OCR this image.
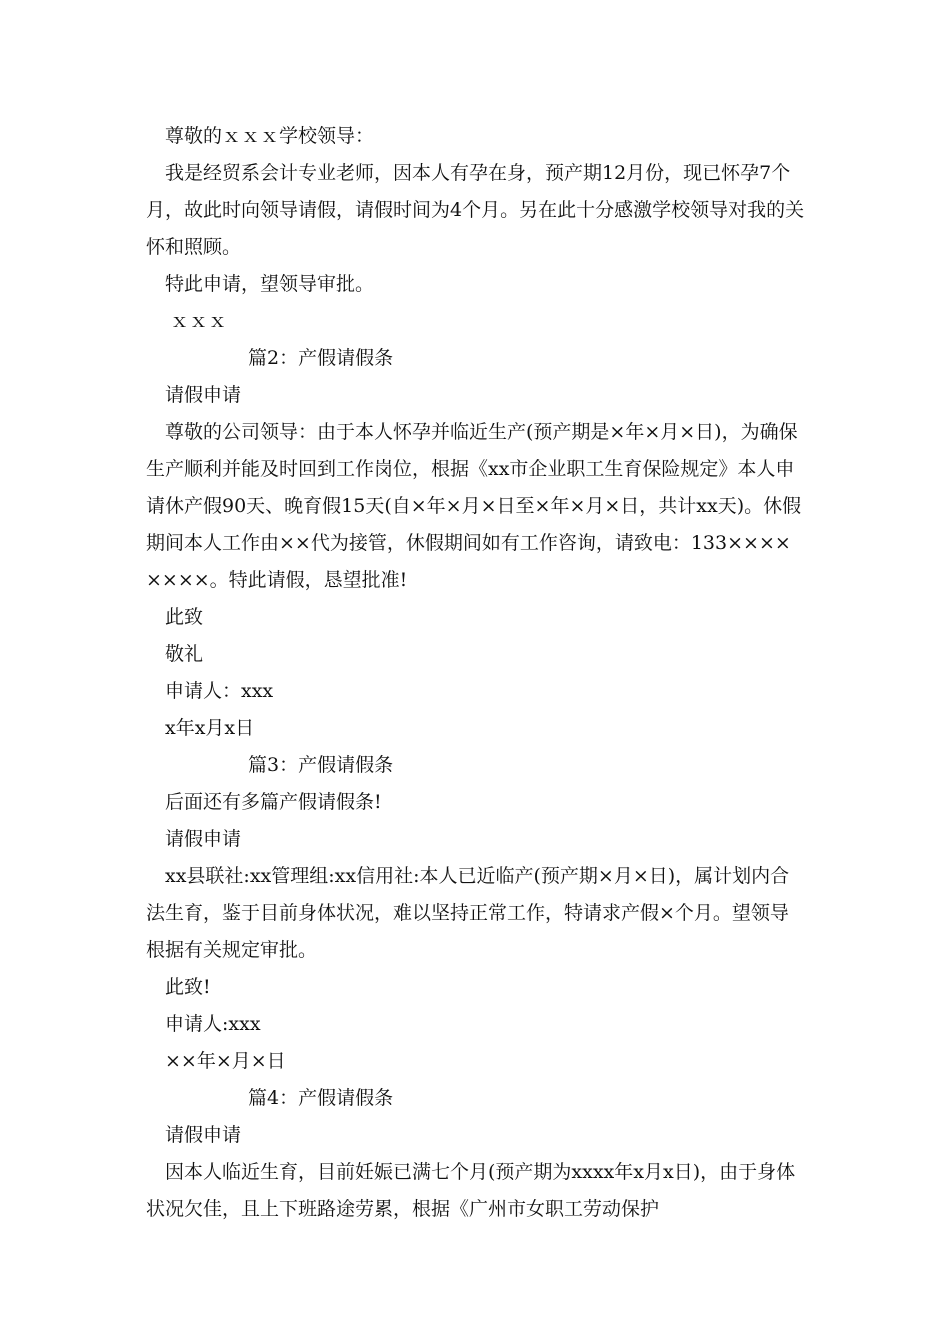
尊敬的ｘｘｘ学校领导：

我是经贸系会计专业老师，因本人有孕在身，预产期12月份，现已怀孕7个月，故此时向领导请假，请假时间为4个月。另在此十分感激学校领导对我的关怀和照顾。

特此申请，望领导审批。

ｘｘｘ

篇2：产假请假条

请假申请

尊敬的公司领导：由于本人怀孕并临近生产(预产期是×年×月×日)，为确保生产顺利并能及时回到工作岗位，根据《xx市企业职工生育保险规定》本人申请休产假90天、晚育假15天(自×年×月×日至×年×月×日，共计xx天)。休假期间本人工作由××代为接管，休假期间如有工作咨询，请致电：133××××××××。特此请假，恳望批准!

此致

敬礼

申请人：xxx

x年x月x日

篇3：产假请假条

后面还有多篇产假请假条!

请假申请

xx县联社:xx管理组:xx信用社:本人已近临产(预产期×月×日)，属计划内合法生育，鉴于目前身体状况，难以坚持正常工作，特请求产假×个月。望领导根据有关规定审批。

此致!

申请人:xxx

××年×月×日

篇4：产假请假条

请假申请

因本人临近生育，目前妊娠已满七个月(预产期为xxxx年x月x日)，由于身体状况欠佳，且上下班路途劳累，根据《广州市女职工劳动保护
